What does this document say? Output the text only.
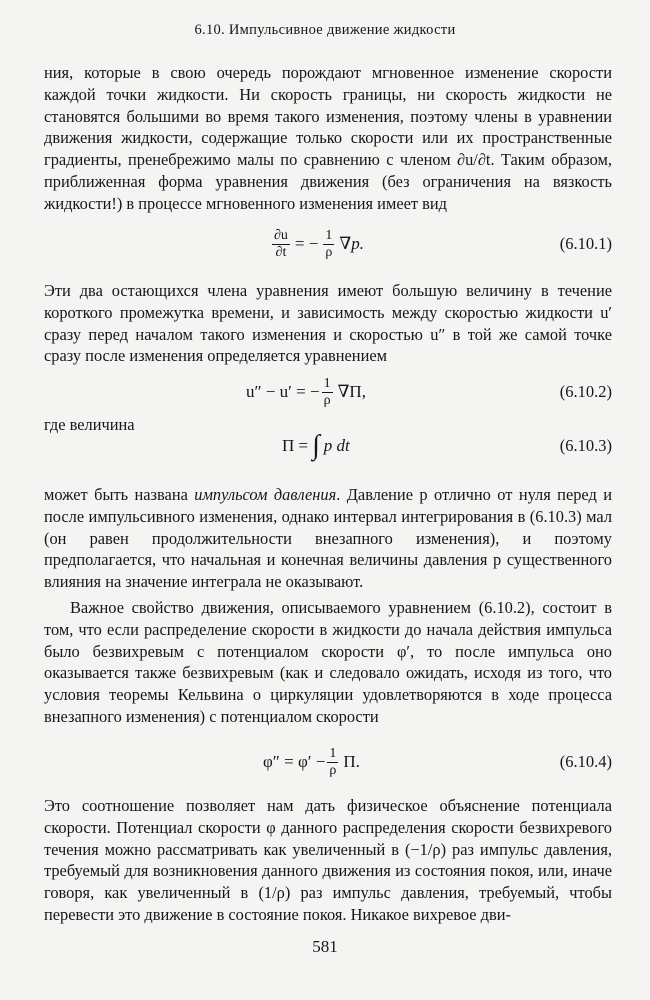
6.10. Импульсивное движение жидкости

ния, которые в свою очередь порождают мгновенное изменение скорости каждой точки жидкости. Ни скорость границы, ни скорость жидкости не становятся большими во время такого изменения, поэтому члены в уравнении движения жидкости, содержащие только скорости или их пространственные градиенты, пренебрежимо малы по сравнению с членом ∂u/∂t. Таким образом, приближенная форма уравнения движения (без ограничения на вязкость жидкости!) в процессе мгновенного изменения имеет вид

$\frac{\partial u}{\partial t}$ = − $\frac{1}{\rho} \nabla p$.	(6.10.1)

Эти два остающихся члена уравнения имеют большую величину в течение короткого промежутка времени, и зависимость между скоростью жидкости u′ сразу перед началом такого изменения и скоростью u″ в той же самой точке сразу после изменения определяется уравнением

u″ − u′ = − $\frac{1}{\rho} \nabla\Pi$,	(6.10.2)
где величина
Π = ∫ p dt	(6.10.3)

может быть названа импульсом давления. Давление p отлично от нуля перед и после импульсивного изменения, однако интервал интегрирования в (6.10.3) мал (он равен продолжительности внезапного изменения), и поэтому предполагается, что начальная и конечная величины давления p существенного влияния на значение интеграла не оказывают.

Важное свойство движения, описываемого уравнением (6.10.2), состоит в том, что если распределение скорости в жидкости до начала действия импульса было безвихревым с потенциалом скорости φ′, то после импульса оно оказывается также безвихревым (как и следовало ожидать, исходя из того, что условия теоремы Кельвина о циркуляции удовлетворяются в ходе процесса внезапного изменения) с потенциалом скорости

$\varphi'' = \varphi' - \frac{1}{\rho} \Pi$.	(6.10.4)

Это соотношение позволяет нам дать физическое объяснение потенциала скорости. Потенциал скорости φ данного распределения скорости безвихревого течения можно рассматривать как увеличенный в (−1/ρ) раз импульс давления, требуемый для возникновения данного движения из состояния покоя, или, иначе говоря, как увеличенный в (1/ρ) раз импульс давления, требуемый, чтобы перевести это движение в состояние покоя. Никакое вихревое дви-

581
